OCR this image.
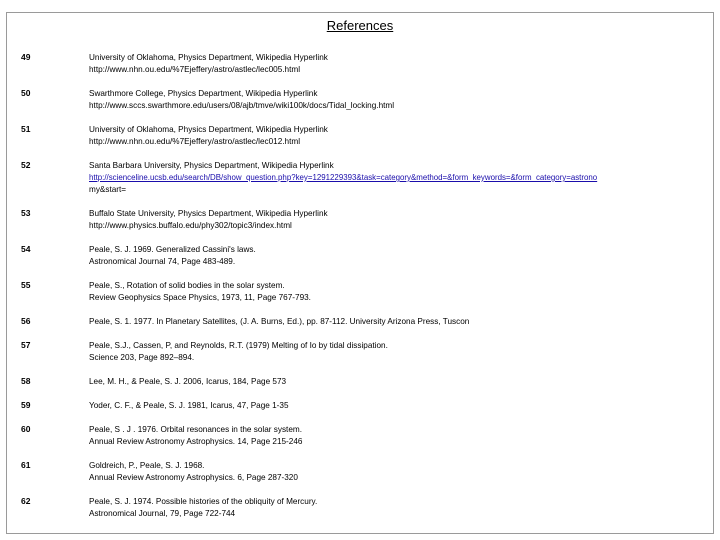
References
49	University of Oklahoma, Physics Department, Wikipedia Hyperlink
http://www.nhn.ou.edu/%7Ejeffery/astro/astlec/lec005.html
50	Swarthmore College, Physics Department, Wikipedia Hyperlink
http://www.sccs.swarthmore.edu/users/08/ajb/tmve/wiki100k/docs/Tidal_locking.html
51	University of Oklahoma, Physics Department, Wikipedia Hyperlink
http://www.nhn.ou.edu/%7Ejeffery/astro/astlec/lec012.html
52	Santa Barbara University, Physics Department, Wikipedia Hyperlink
http://scienceline.ucsb.edu/search/DB/show_question.php?key=1291229393&task=category&method=&form_keywords=&form_category=astrono
my&start=
53	Buffalo State University, Physics Department, Wikipedia Hyperlink
http://www.physics.buffalo.edu/phy302/topic3/index.html
54	Peale, S. J. 1969. Generalized Cassini's laws.
Astronomical Journal 74, Page 483-489.
55	Peale, S., Rotation of solid bodies in the solar system.
Review Geophysics Space Physics, 1973, 11, Page 767-793.
56	Peale, S. 1. 1977. In Planetary Satellites, (J. A. Burns, Ed.), pp. 87-112. University Arizona Press, Tuscon
57	Peale, S.J., Cassen, P, and Reynolds, R.T. (1979) Melting of Io by tidal dissipation.
Science 203, Page 892–894.
58	Lee, M. H., & Peale, S. J. 2006, Icarus, 184, Page 573
59	Yoder, C. F., & Peale, S. J. 1981, Icarus, 47, Page 1-35
60	Peale, S . J . 1976. Orbital resonances in the solar system.
Annual Review Astronomy Astrophysics. 14, Page 215-246
61	Goldreich, P., Peale, S. J. 1968.
Annual Review Astronomy Astrophysics. 6, Page 287-320
62	Peale, S. J. 1974. Possible histories of the obliquity of Mercury.
Astronomical Journal, 79, Page 722-744
